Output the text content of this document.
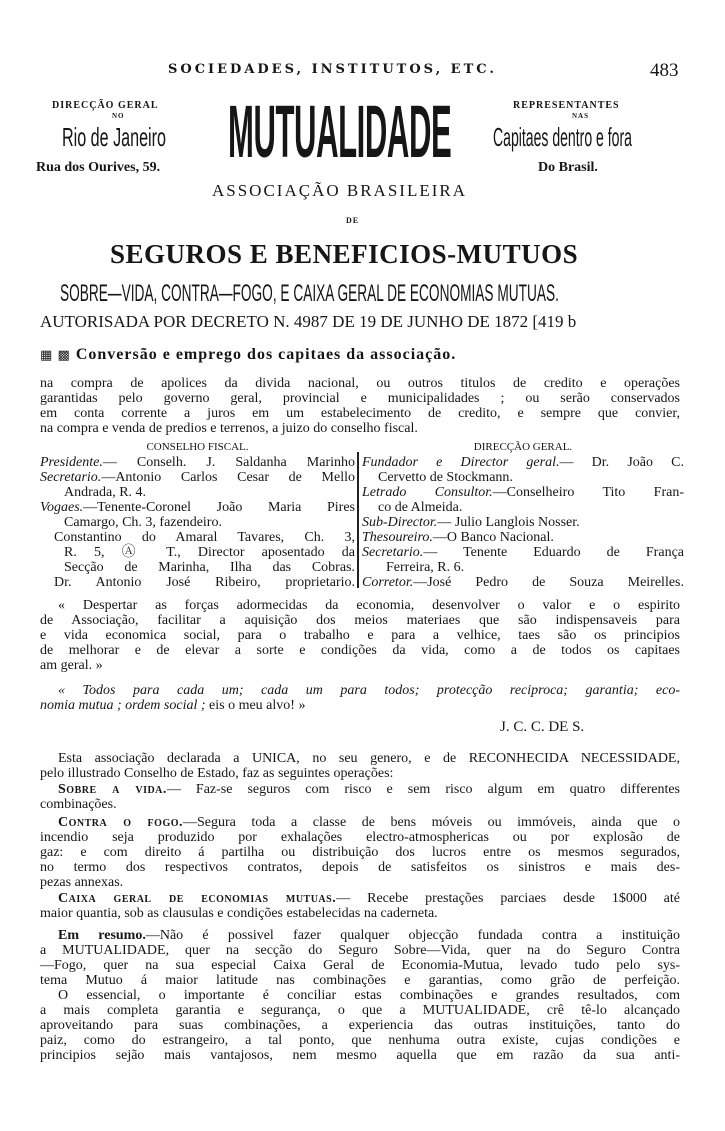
SOCIEDADES, INSTITUTOS, ETC.	483
DIRECÇÃO GERAL
NO
Rio de Janeiro
Rua dos Ourives, 59. MUTUALIDADE	REPRESENTANTES
NAS
Capitaes dentro e fora
Do Brasil.
ASSOCIAÇÃO BRASILEIRA
DE
SEGUROS E BENEFICIOS-MUTUOS
SOBRE—VIDA, CONTRA—FOGO, E CAIXA GERAL DE ECONOMIAS MUTUAS.
AUTORISADA POR DECRETO N. 4987 DE 19 DE JUNHO DE 1872 [419 b
▦ ▩ Conversão e emprego dos capitaes da associação.
na compra de apolices da divida nacional, ou outros titulos de credito e operações
garantidas pelo governo geral, provincial e municipalidades ; ou serão conservados
em conta corrente a juros em um estabelecimento de credito, e sempre que convier,
na compra e venda de predios e terrenos, a juizo do conselho fiscal.
CONSELHO FISCAL.	DIRECÇÃO GERAL.
Presidente.— Conselh. J. Saldanha Marinho
Secretario.—Antonio Carlos Cesar de Mello
Andrada, R. 4.
Vogaes.—Tenente-Coronel João Maria Pires
Camargo, Ch. 3, fazendeiro.
Constantino do Amaral Tavares, Ch. 3,
R. 5, Ⓐ T., Director aposentado da
Secção de Marinha, Ilha das Cobras.
Dr. Antonio José Ribeiro, proprietario.
Fundador e Director geral.— Dr. João C.
Cervetto de Stockmann.
Letrado Consultor.—Conselheiro Tito Fran-
co de Almeida.
Sub-Director.— Julio Langlois Nosser.
Thesoureiro.—O Banco Nacional.
Secretario.— Tenente Eduardo de França
Ferreira, R. 6.
Corretor.—José Pedro de Souza Meirelles.
« Despertar as forças adormecidas da economia, desenvolver o valor e o espirito
de Associação, facilitar a aquisição dos meios materiaes que são indispensaveis para
e vida economica social, para o trabalho e para a velhice, taes são os principios
de melhorar e de elevar a sorte e condições da vida, como a de todos os capitaes
am geral. »
« Todos para cada um; cada um para todos; protecção reciproca; garantia; eco-
nomia mutua ; ordem social ; eis o meu alvo! »
J. C. C. DE S.
Esta associação declarada a UNICA, no seu genero, e de RECONHECIDA NECESSIDADE,
pelo illustrado Conselho de Estado, faz as seguintes operações:
Sobre a vida.— Faz-se seguros com risco e sem risco algum em quatro differentes
combinações.
Contra o fogo.—Segura toda a classe de bens móveis ou immóveis, ainda que o
incendio seja produzido por exhalações electro-atmosphericas ou por explosão de
gaz: e com direito á partilha ou distribuição dos lucros entre os mesmos segurados,
no termo dos respectivos contratos, depois de satisfeitos os sinistros e mais des-
pezas annexas.
Caixa geral de economias mutuas.— Recebe prestações parciaes desde 1$000 até
maior quantia, sob as clausulas e condições estabelecidas na caderneta.
Em resumo.—Não é possivel fazer qualquer objecção fundada contra a instituição
a MUTUALIDADE, quer na secção do Seguro Sobre—Vida, quer na do Seguro Contra
—Fogo, quer na sua especial Caixa Geral de Economia-Mutua, levado tudo pelo sys-
tema Mutuo á maior latitude nas combinações e garantias, como grão de perfeição.
O essencial, o importante é conciliar estas combinações e grandes resultados, com
a mais completa garantia e segurança, o que a MUTUALIDADE, crê tê-lo alcançado
aproveitando para suas combinações, a experiencia das outras instituições, tanto do
paiz, como do estrangeiro, a tal ponto, que nenhuma outra existe, cujas condições e
principios sejão mais vantajosos, nem mesmo aquella que em razão da sua anti-
